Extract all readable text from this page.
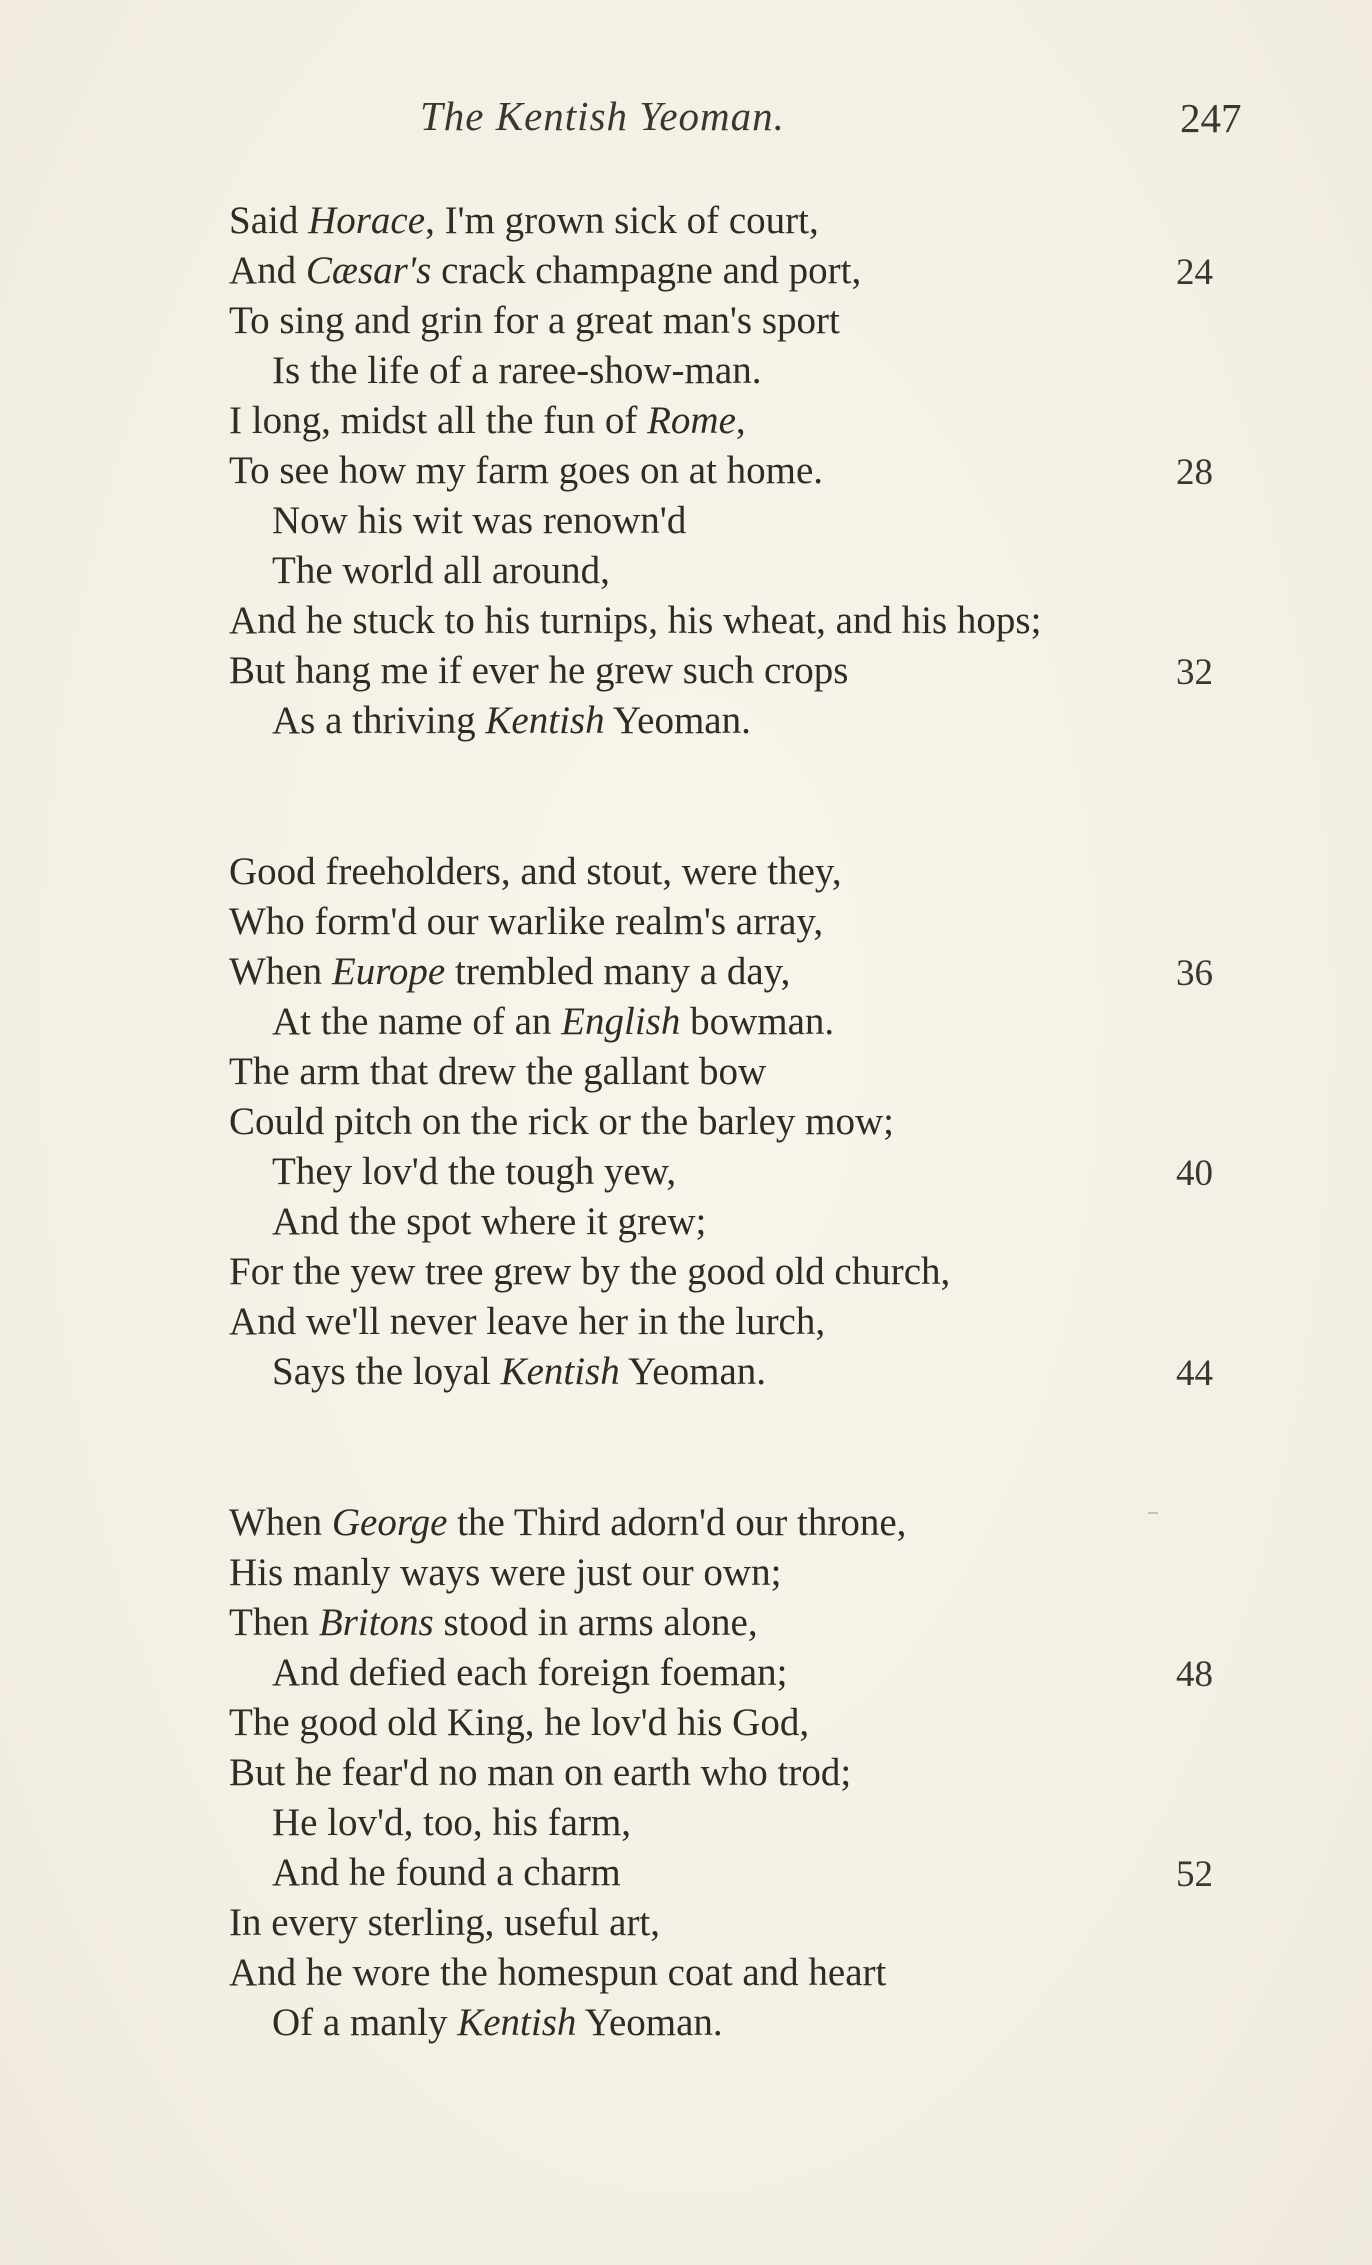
The Kentish Yeoman.	247
Said Horace, I'm grown sick of court,
And Cæsar's crack champagne and port,	24
To sing and grin for a great man's sport
Is the life of a raree-show-man.
I long, midst all the fun of Rome,
To see how my farm goes on at home.	28
Now his wit was renown'd
The world all around,
And he stuck to his turnips, his wheat, and his hops;
But hang me if ever he grew such crops	32
As a thriving Kentish Yeoman.
Good freeholders, and stout, were they,
Who form'd our warlike realm's array,
When Europe trembled many a day,	36
At the name of an English bowman.
The arm that drew the gallant bow
Could pitch on the rick or the barley mow;
They lov'd the tough yew,	40
And the spot where it grew;
For the yew tree grew by the good old church,
And we'll never leave her in the lurch,
Says the loyal Kentish Yeoman.	44
When George the Third adorn'd our throne,
His manly ways were just our own;
Then Britons stood in arms alone,
And defied each foreign foeman;	48
The good old King, he lov'd his God,
But he fear'd no man on earth who trod;
He lov'd, too, his farm,
And he found a charm	52
In every sterling, useful art,
And he wore the homespun coat and heart
Of a manly Kentish Yeoman.
